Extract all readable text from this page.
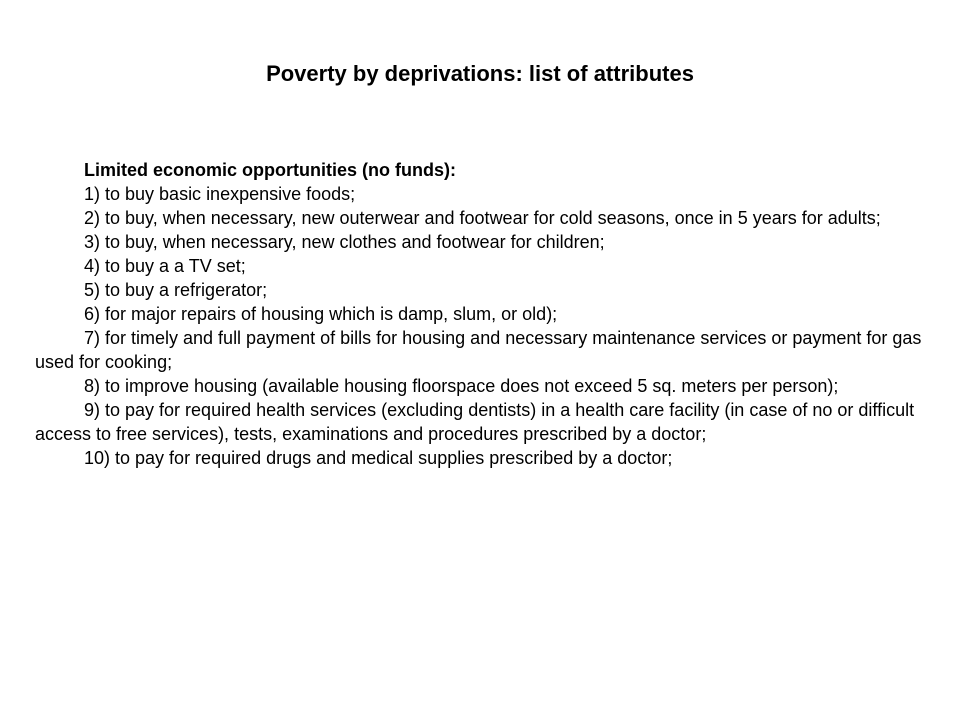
Poverty by deprivations: list of attributes

Limited economic opportunities (no funds):

1) to buy basic inexpensive foods;

2) to buy, when necessary, new outerwear and footwear for cold seasons, once in 5 years for adults;

3) to buy, when necessary, new clothes and footwear for children;

4) to buy a a TV set;

5) to buy a refrigerator;

6) for major repairs of housing which is damp, slum, or old);

7) for timely and full payment of bills for housing and necessary maintenance services or payment for gas used for cooking;

8) to improve housing (available housing floorspace does not exceed 5 sq. meters per person);

9) to pay for required health services (excluding dentists) in a health care facility (in case of no or difficult access to free services), tests, examinations and procedures prescribed by a doctor;

10) to pay for required drugs and medical supplies prescribed by a doctor;
